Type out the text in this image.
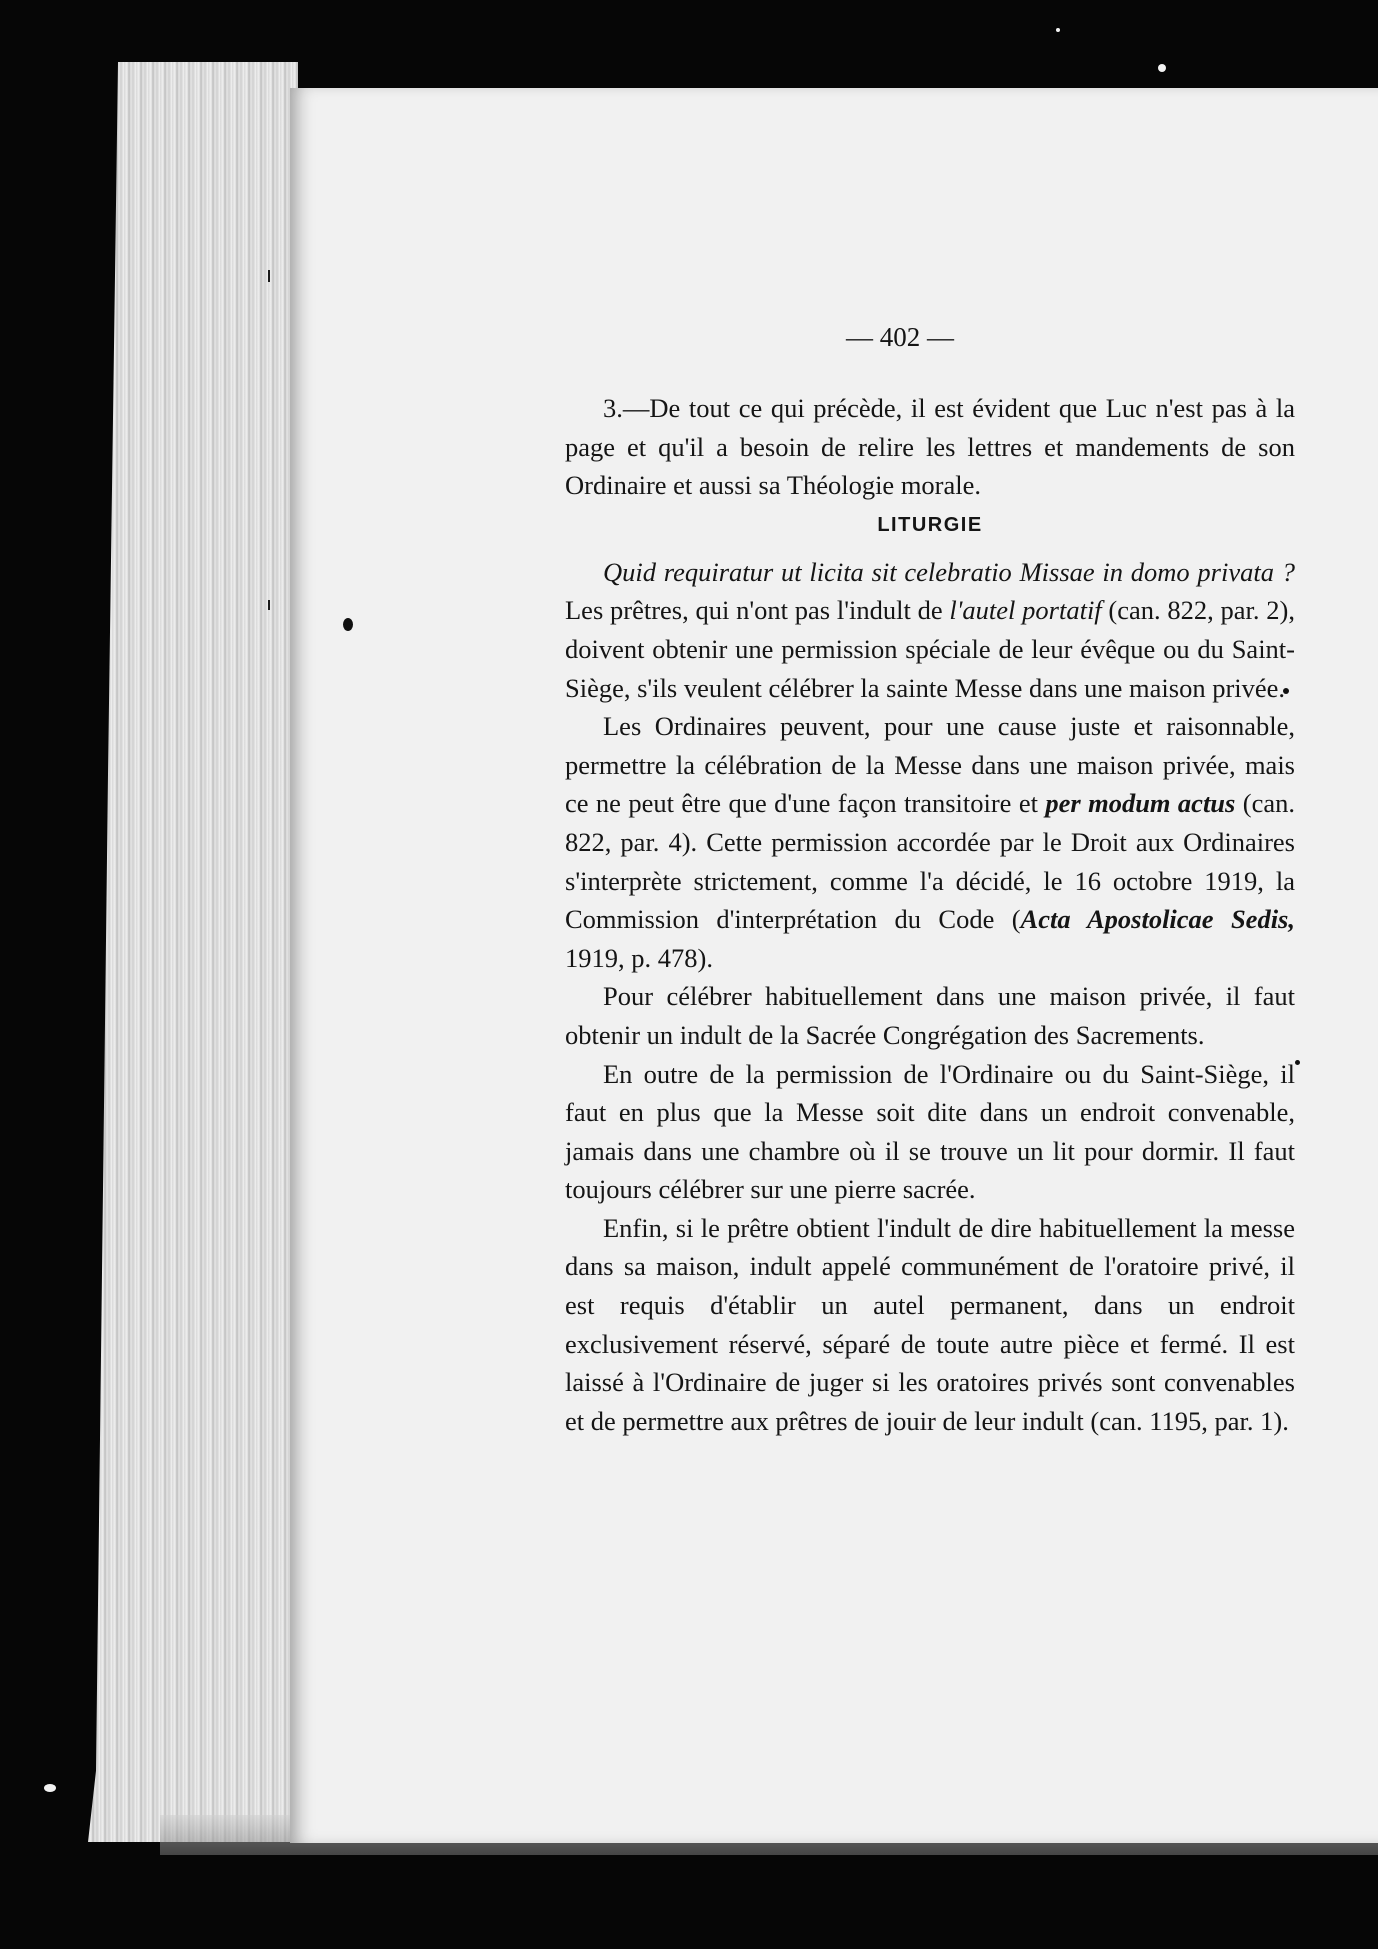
— 402 —

3.—De tout ce qui précède, il est évident que Luc n'est pas à la page et qu'il a besoin de relire les lettres et mandements de son Ordinaire et aussi sa Théologie morale.

LITURGIE

Quid requiratur ut licita sit celebratio Missae in domo privata ? Les prêtres, qui n'ont pas l'indult de l'autel portatif (can. 822, par. 2), doivent obtenir une permission spéciale de leur évêque ou du Saint-Siège, s'ils veulent célébrer la sainte Messe dans une maison privée.

Les Ordinaires peuvent, pour une cause juste et raisonnable, permettre la célébration de la Messe dans une maison privée, mais ce ne peut être que d'une façon transitoire et per modum actus (can. 822, par. 4). Cette permission accordée par le Droit aux Ordinaires s'interprète strictement, comme l'a décidé, le 16 octobre 1919, la Commission d'interprétation du Code (Acta Apostolicae Sedis, 1919, p. 478).

Pour célébrer habituellement dans une maison privée, il faut obtenir un indult de la Sacrée Congrégation des Sacrements.

En outre de la permission de l'Ordinaire ou du Saint-Siège, il faut en plus que la Messe soit dite dans un endroit convenable, jamais dans une chambre où il se trouve un lit pour dormir. Il faut toujours célébrer sur une pierre sacrée.

Enfin, si le prêtre obtient l'indult de dire habituellement la messe dans sa maison, indult appelé communément de l'oratoire privé, il est requis d'établir un autel permanent, dans un endroit exclusivement réservé, séparé de toute autre pièce et fermé. Il est laissé à l'Ordinaire de juger si les oratoires privés sont convenables et de permettre aux prêtres de jouir de leur indult (can. 1195, par. 1).
